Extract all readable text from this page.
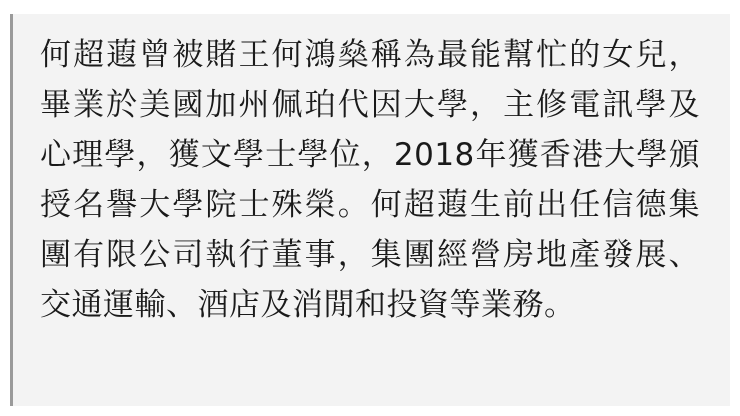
何超蕸曾被賭王何鴻燊稱為最能幫忙的女兒，畢業於美國加州佩珀代因大學，主修電訊學及心理學，獲文學士學位，2018年獲香港大學頒授名譽大學院士殊榮。何超蕸生前出任信德集團有限公司執行董事，集團經營房地產發展、交通運輸、酒店及消閒和投資等業務。
